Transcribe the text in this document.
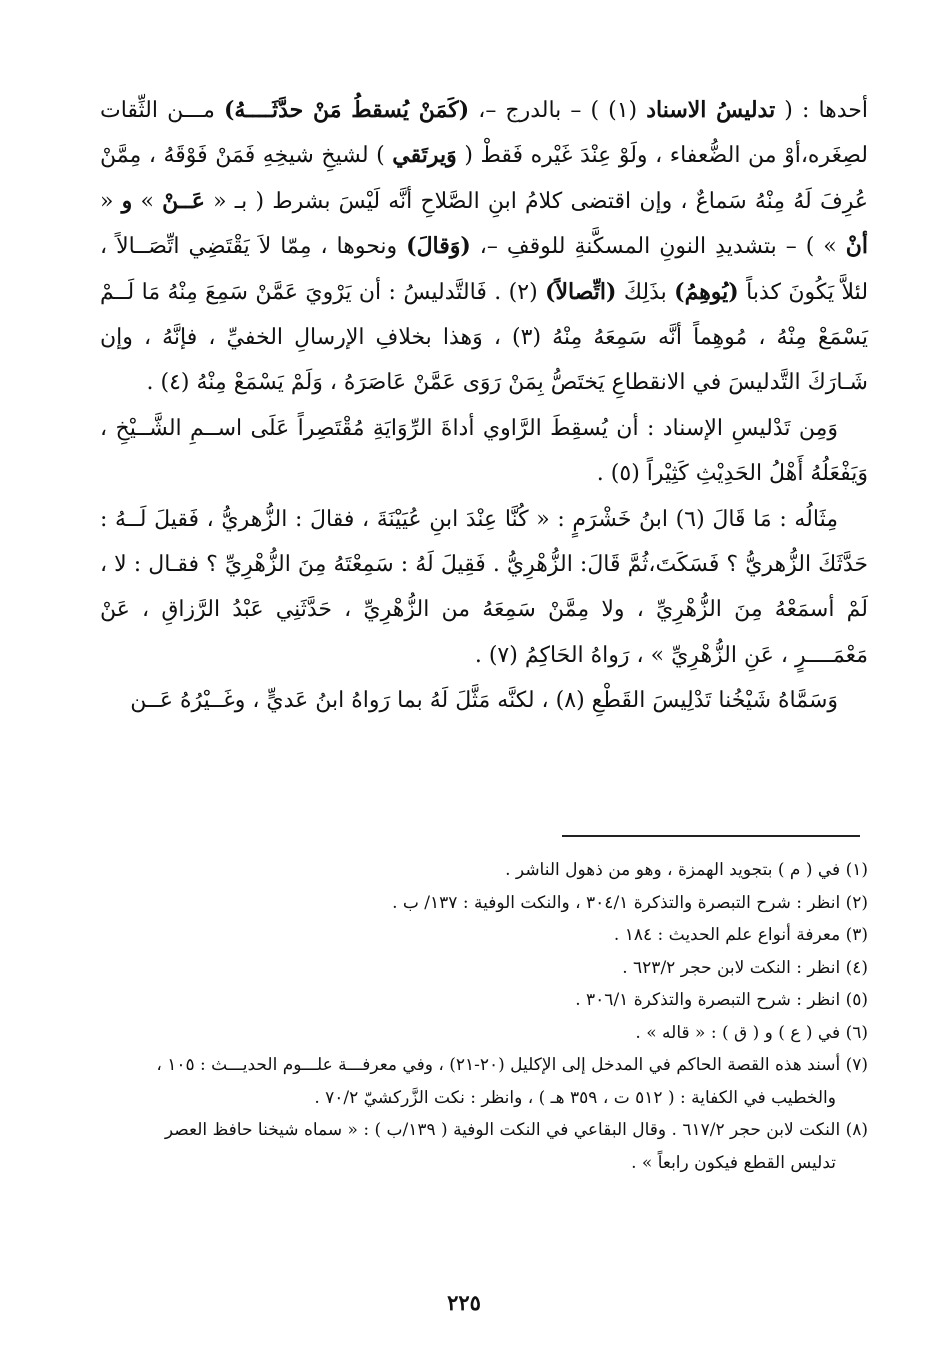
أحدها : ( تدليسُ الاسناد (١) ) – بالدرج –، (كَمَنْ يُسقطُ مَنْ حدَّثَــــهُ) مـــن الثِّقات لصِغَره،أوْ من الضُّعفاء ، ولَوْ عِنْدَ غَيْره فَقطْ ( وَيرتَقي ) لشيخِ شيخِهِ فَمَنْ فَوْقَهُ ، مِمَّنْ عُرِفَ لَهُ مِنْهُ سَماعٌ ، وإن اقتضى كلامُ ابنِ الصَّلاحِ أنَّه لَيْسَ بشرط ( بـ « عَــنْ » و « أنْ » ) – بتشديدِ النونِ المسكَّنةِ للوقفِ –، (وَقالَ) ونحوها ، مِمّا لاَ يَقْتَضِي اتِّصَــالاً ، لئلاَّ يَكُونَ كذباً (يُوهِمُ) بذَلِكَ (اتِّصالاً) (٢) . فَالتَّدليسُ : أن يَرْويَ عَمَّنْ سَمِعَ مِنْهُ مَا لَــمْ يَسْمَعْ مِنْهُ ، مُوهِماً أنَّه سَمِعَهُ مِنْهُ (٣) ، وَهذا بخلافِ الإرسالِ الخفيِّ ، فإنَّهُ ، وإن شَـارَكَ التَّدليسَ في الانقطاعِ يَختَصُّ بِمَنْ رَوَى عَمَّنْ عَاصَرَهُ ، وَلَمْ يَسْمَعْ مِنْهُ (٤) .

وَمِن تَدْليسِ الإسناد : أن يُسقِطَ الرَّاوي أداةَ الرِّوَايَةِ مُقْتَصِراً عَلَى اســمِ الشَّــيْخِ ، وَيَفْعَلُهُ أَهْلُ الحَدِيْثِ كَثِيْراً (٥) .

مِثَالُه : مَا قَالَ (٦) ابنُ خَشْرَمٍ : « كُنَّا عِنْدَ ابنِ عُيَيْنَةَ ، فقالَ : الزُّهريُّ ، فَقيلَ لَــهُ : حَدَّثَكَ الزُّهريُّ ؟ فَسَكَتَ،ثُمَّ قَالَ: الزُّهْرِيُّ . فَقِيلَ لَهُ : سَمِعْتَهُ مِنَ الزُّهْرِيِّ ؟ فقـال : لا ، لَمْ أسمَعْهُ مِنَ الزُّهْرِيِّ ، ولا مِمَّنْ سَمِعَهُ من الزُّهْرِيِّ ، حَدَّثَنِي عَبْدُ الرَّزاقِ ، عَنْ مَعْمَــــرٍ ، عَنِ الزُّهْرِيِّ » ، رَواهُ الحَاكِمُ (٧) .

وَسَمَّاهُ شَيْخُنا تَدْلِيسَ القَطْعِ (٨) ، لكنَّه مَثَّلَ لَهُ بما رَواهُ ابنُ عَديٍّ ، وغَــيْرُهُ عَــن

(١) في ( م ) بتجويد الهمزة ، وهو من ذهول الناشر .

(٢) انظر : شرح التبصرة والتذكرة ٣٠٤/١ ، والنكت الوفية : ١٣٧/ ب .

(٣) معرفة أنواع علم الحديث : ١٨٤ .

(٤) انظر : النكت لابن حجر ٦٢٣/٢ .

(٥) انظر : شرح التبصرة والتذكرة ٣٠٦/١ .

(٦) في ( ع ) و ( ق ) : « قاله » .

(٧) أسند هذه القصة الحاكم في المدخل إلى الإكليل (٢٠-٢١) ، وفي معرفـــة علـــوم الحديـــث : ١٠٥ ،
والخطيب في الكفاية : ( ٥١٢ ت ، ٣٥٩ هـ ) ، وانظر : نكت الزَّركشيّ ٧٠/٢ .

(٨) النكت لابن حجر ٦١٧/٢ . وقال البقاعي في النكت الوفية ( ١٣٩/ب ) : « سماه شيخنا حافظ العصر
تدليس القطع فيكون رابعاً » .

٢٢٥
